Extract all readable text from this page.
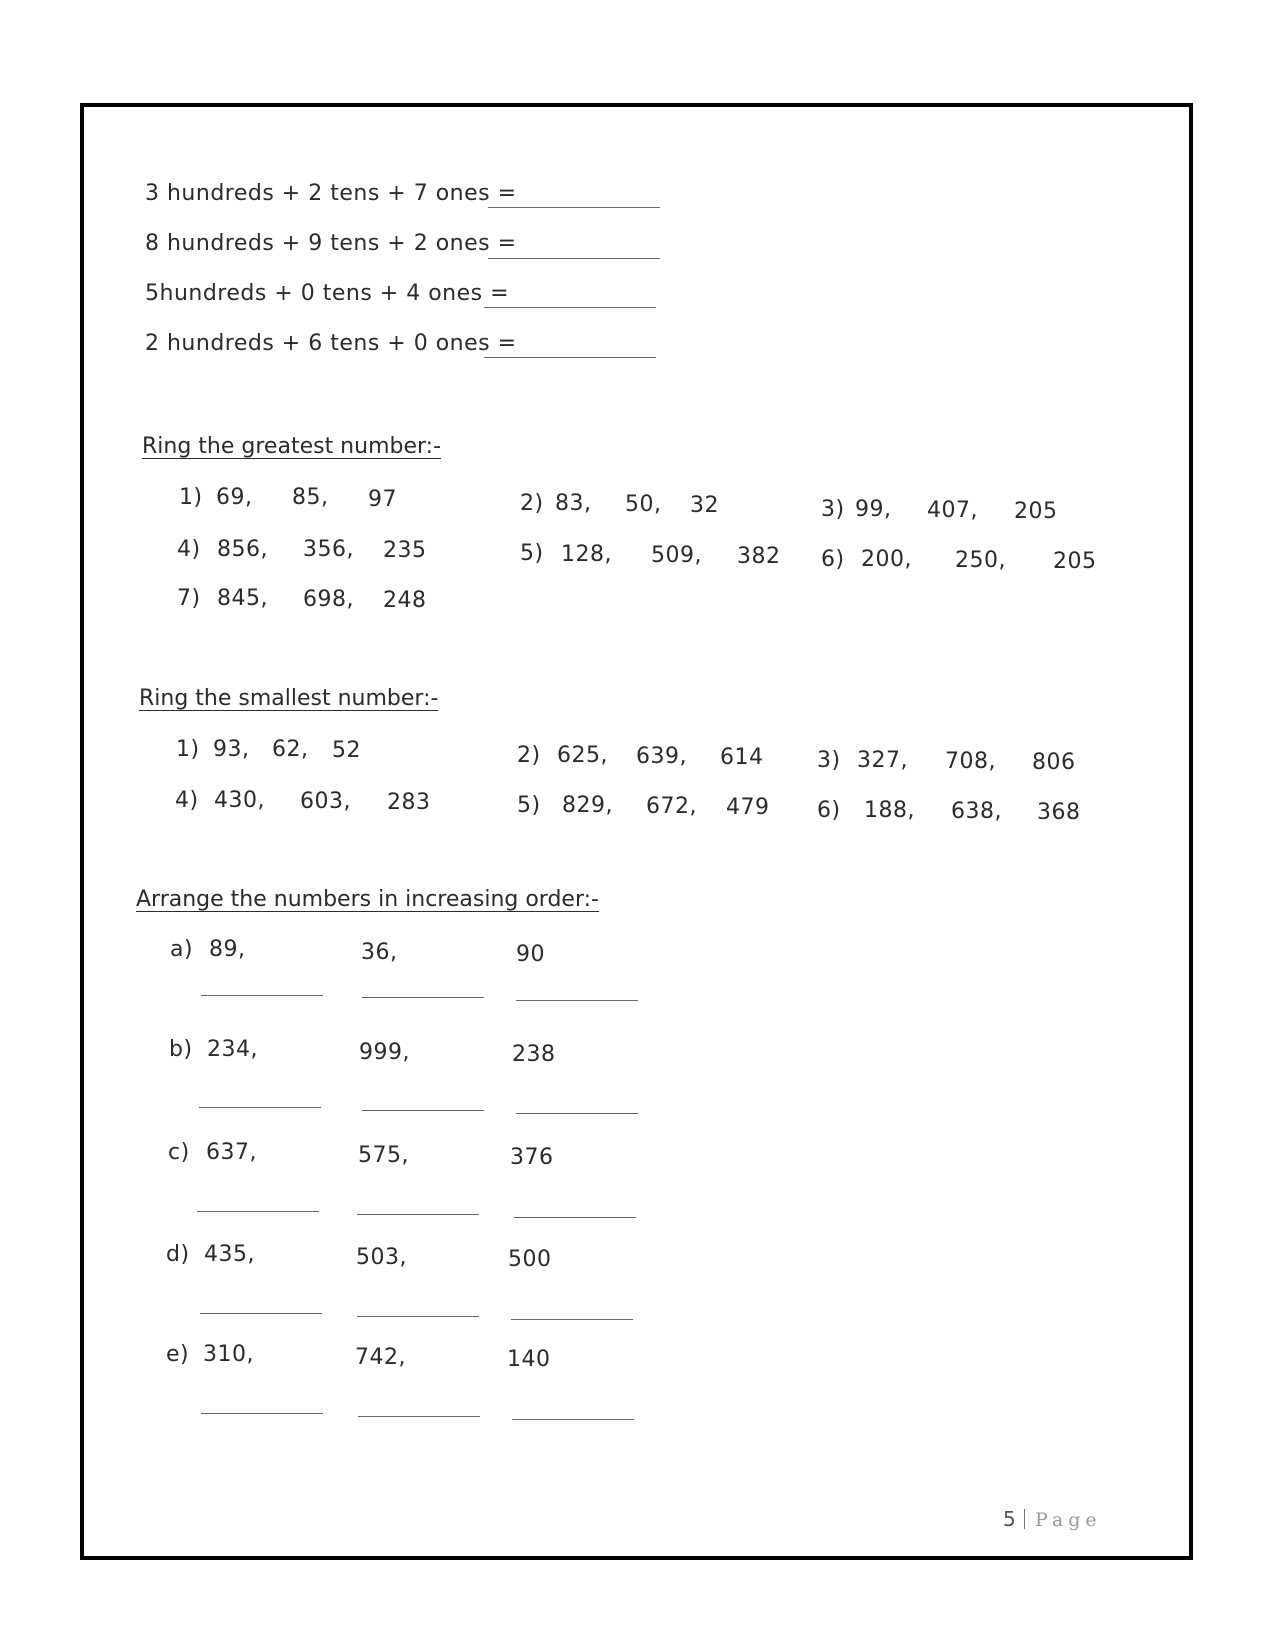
3 hundreds + 2 tens + 7 ones =
8 hundreds + 9 tens + 2 ones =
5hundreds + 0 tens + 4 ones =
2 hundreds + 6 tens + 0 ones =
Ring the greatest number:-
1) 69, 85, 97	2) 83, 50, 32	3) 99, 407, 205
4) 856, 356, 235	5) 128, 509, 382 6) 200, 250, 205
7) 845, 698, 248
Ring the smallest number:-
1) 93, 62, 52	2) 625, 639, 614 3) 327, 708, 806
4) 430, 603, 283	5) 829, 672, 479 6) 188, 638, 368
Arrange the numbers in increasing order:-
a) 89,	36,	90
b) 234,	999,	238
c) 637,	575,	376
d) 435,	503,	500
e) 310,	742,	140
5 Page
